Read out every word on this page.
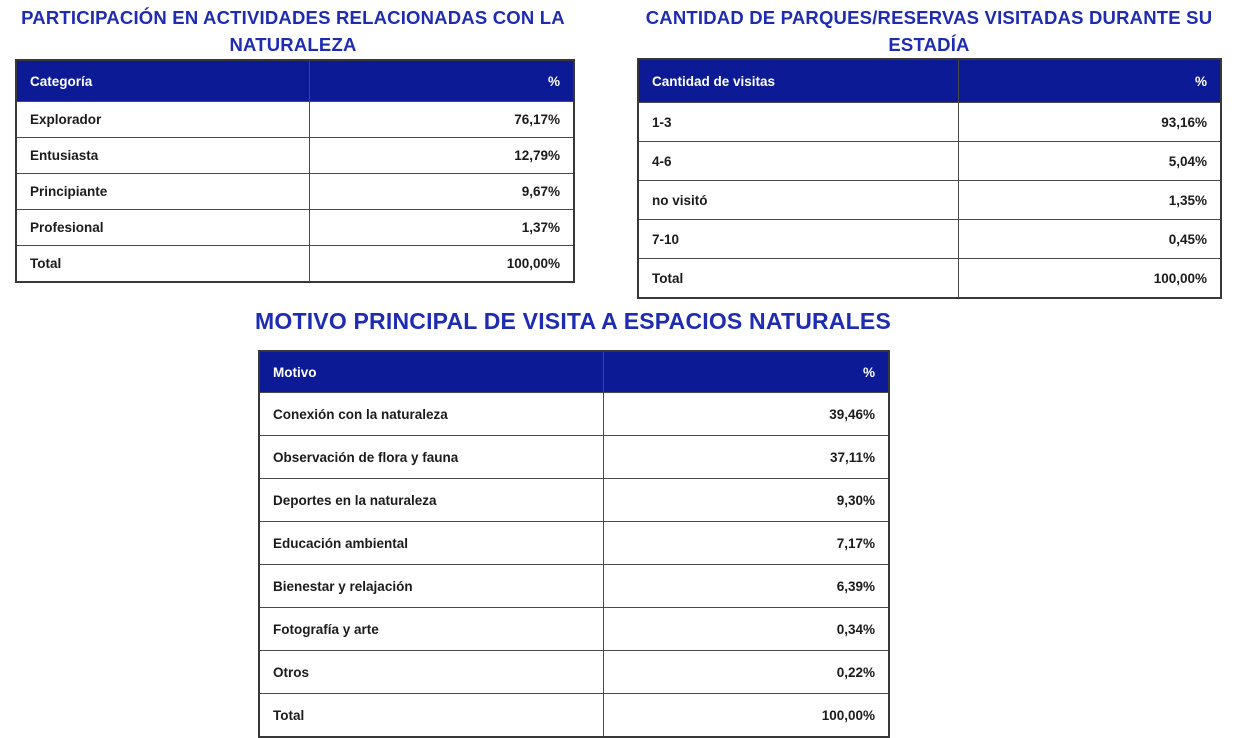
PARTICIPACIÓN EN ACTIVIDADES RELACIONADAS CON LA NATURALEZA
Categoría	%
Explorador	76,17%
Entusiasta	12,79%
Principiante	9,67%
Profesional	1,37%
Total	100,00%
CANTIDAD DE PARQUES/RESERVAS VISITADAS DURANTE SU ESTADÍA
Cantidad de visitas	%
1-3	93,16%
4-6	5,04%
no visitó	1,35%
7-10	0,45%
Total	100,00%
MOTIVO PRINCIPAL DE VISITA A ESPACIOS NATURALES
Motivo	%
Conexión con la naturaleza	39,46%
Observación de flora y fauna	37,11%
Deportes en la naturaleza	9,30%
Educación ambiental	7,17%
Bienestar y relajación	6,39%
Fotografía y arte	0,34%
Otros	0,22%
Total	100,00%
